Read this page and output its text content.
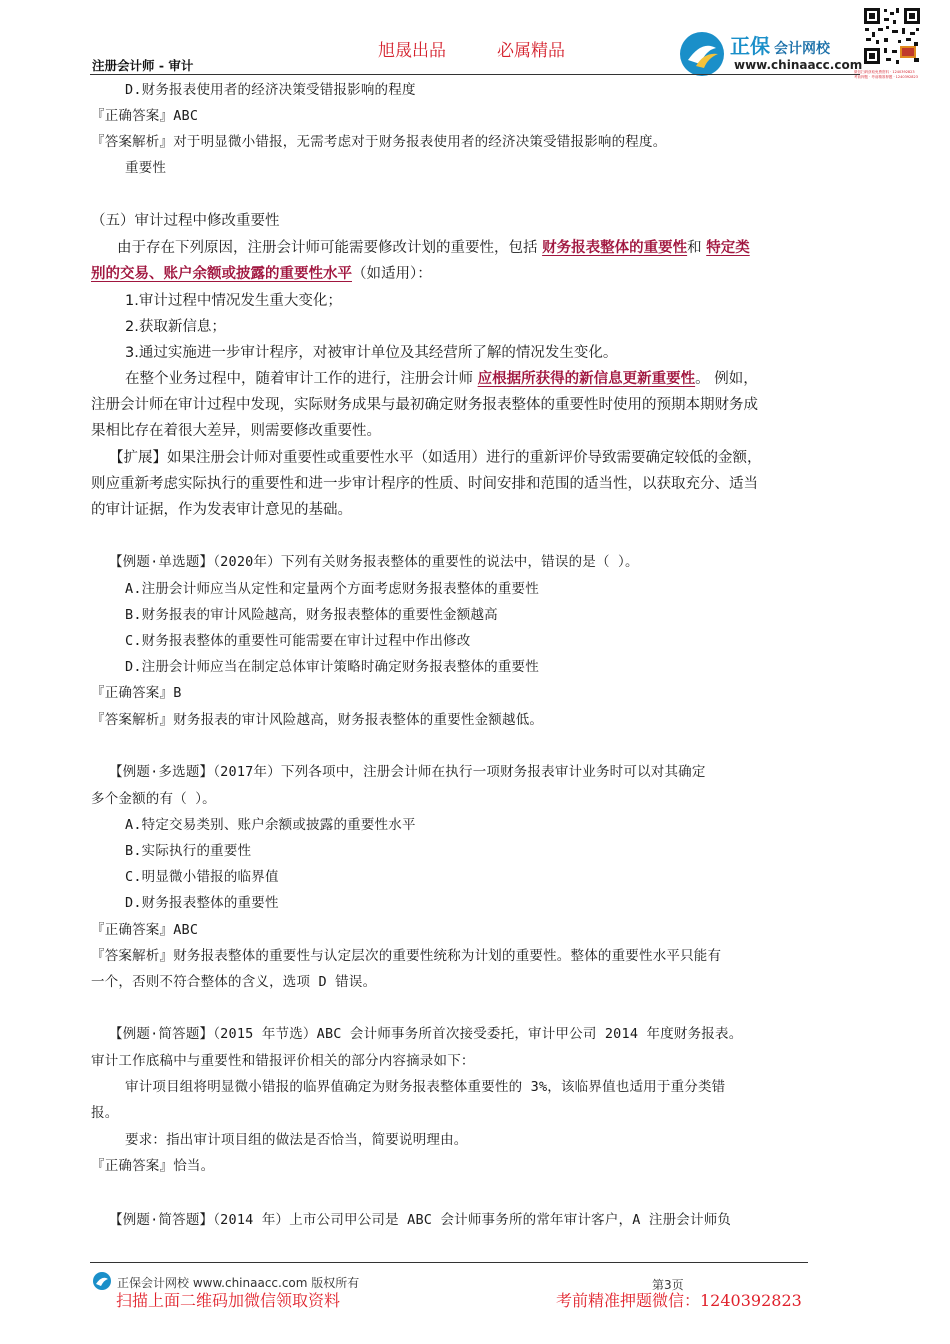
旭晟出品	必属精品
注册会计师 - 审计
正保 会计网校
www.chinaacc.com
微信扫码获取免费资料 · 1240392823
考前押题 · 考前精准押题 · 1240392823
D.财务报表使用者的经济决策受错报影响的程度
『正确答案』ABC
『答案解析』对于明显微小错报，无需考虑对于财务报表使用者的经济决策受错报影响的程度。
重要性
（五）审计过程中修改重要性
由于存在下列原因，注册会计师可能需要修改计划的重要性，包括 财务报表整体的重要性和 特定类
别的交易、账户余额或披露的重要性水平（如适用）：
1.审计过程中情况发生重大变化；
2.获取新信息；
3.通过实施进一步审计程序，对被审计单位及其经营所了解的情况发生变化。
在整个业务过程中，随着审计工作的进行，注册会计师 应根据所获得的新信息更新重要性。 例如，
注册会计师在审计过程中发现，实际财务成果与最初确定财务报表整体的重要性时使用的预期本期财务成
果相比存在着很大差异，则需要修改重要性。
【扩展】如果注册会计师对重要性或重要性水平（如适用）进行的重新评价导致需要确定较低的金额，
则应重新考虑实际执行的重要性和进一步审计程序的性质、时间安排和范围的适当性，以获取充分、适当
的审计证据，作为发表审计意见的基础。
【例题·单选题】（2020年）下列有关财务报表整体的重要性的说法中，错误的是（ ）。
A.注册会计师应当从定性和定量两个方面考虑财务报表整体的重要性
B.财务报表的审计风险越高，财务报表整体的重要性金额越高
C.财务报表整体的重要性可能需要在审计过程中作出修改
D.注册会计师应当在制定总体审计策略时确定财务报表整体的重要性
『正确答案』B
『答案解析』财务报表的审计风险越高，财务报表整体的重要性金额越低。
【例题·多选题】（2017年）下列各项中，注册会计师在执行一项财务报表审计业务时可以对其确定
多个金额的有（ ）。
A.特定交易类别、账户余额或披露的重要性水平
B.实际执行的重要性
C.明显微小错报的临界值
D.财务报表整体的重要性
『正确答案』ABC
『答案解析』财务报表整体的重要性与认定层次的重要性统称为计划的重要性。整体的重要性水平只能有
一个，否则不符合整体的含义，选项 D 错误。
【例题·简答题】（2015 年节选）ABC 会计师事务所首次接受委托，审计甲公司 2014 年度财务报表。
审计工作底稿中与重要性和错报评价相关的部分内容摘录如下：
审计项目组将明显微小错报的临界值确定为财务报表整体重要性的 3%，该临界值也适用于重分类错
报。
要求：指出审计项目组的做法是否恰当，简要说明理由。
『正确答案』恰当。
【例题·简答题】（2014 年）上市公司甲公司是 ABC 会计师事务所的常年审计客户，A 注册会计师负
正保会计网校 www.chinaacc.com 版权所有	第3页
扫描上面二维码加微信领取资料	考前精准押题微信：1240392823
